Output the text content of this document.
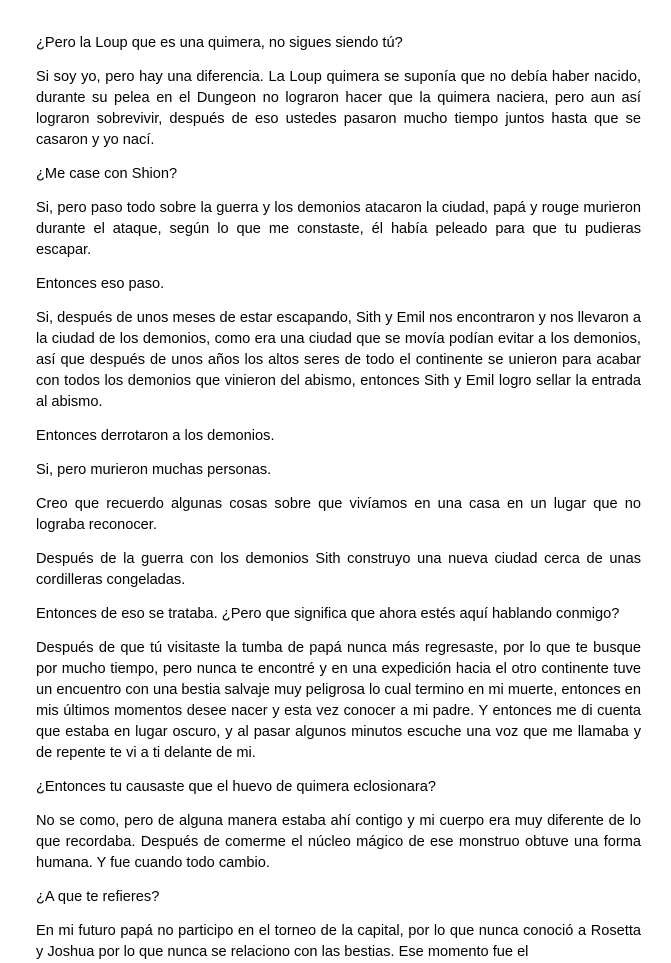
¿Pero la Loup que es una quimera, no sigues siendo tú?

Si soy yo, pero hay una diferencia. La Loup quimera se suponía que no debía haber nacido, durante su pelea en el Dungeon no lograron hacer que la quimera naciera, pero aun así lograron sobrevivir, después de eso ustedes pasaron mucho tiempo juntos hasta que se casaron y yo nací.

¿Me case con Shion?

Si, pero paso todo sobre la guerra y los demonios atacaron la ciudad, papá y rouge murieron durante el ataque, según lo que me constaste, él había peleado para que tu pudieras escapar.

Entonces eso paso.

Si, después de unos meses de estar escapando, Sith y Emil nos encontraron y nos llevaron a la ciudad de los demonios, como era una ciudad que se movía podían evitar a los demonios, así que después de unos años los altos seres de todo el continente se unieron para acabar con todos los demonios que vinieron del abismo, entonces Sith y Emil logro sellar la entrada al abismo.

Entonces derrotaron a los demonios.

Si, pero murieron muchas personas.

Creo que recuerdo algunas cosas sobre que vivíamos en una casa en un lugar que no lograba reconocer.

Después de la guerra con los demonios Sith construyo una nueva ciudad cerca de unas cordilleras congeladas.

Entonces de eso se trataba. ¿Pero que significa que ahora estés aquí hablando conmigo?

Después de que tú visitaste la tumba de papá nunca más regresaste, por lo que te busque por mucho tiempo, pero nunca te encontré y en una expedición hacia el otro continente tuve un encuentro con una bestia salvaje muy peligrosa lo cual termino en mi muerte, entonces en mis últimos momentos desee nacer y esta vez conocer a mi padre. Y entonces me di cuenta que estaba en lugar oscuro, y al pasar algunos minutos escuche una voz que me llamaba y de repente te vi a ti delante de mi.

¿Entonces tu causaste que el huevo de quimera eclosionara?

No se como, pero de alguna manera estaba ahí contigo y mi cuerpo era muy diferente de lo que recordaba. Después de comerme el núcleo mágico de ese monstruo obtuve una forma humana. Y fue cuando todo cambio.

¿A que te refieres?

En mi futuro papá no participo en el torneo de la capital, por lo que nunca conoció a Rosetta y Joshua por lo que nunca se relaciono con las bestias. Ese momento fue el
